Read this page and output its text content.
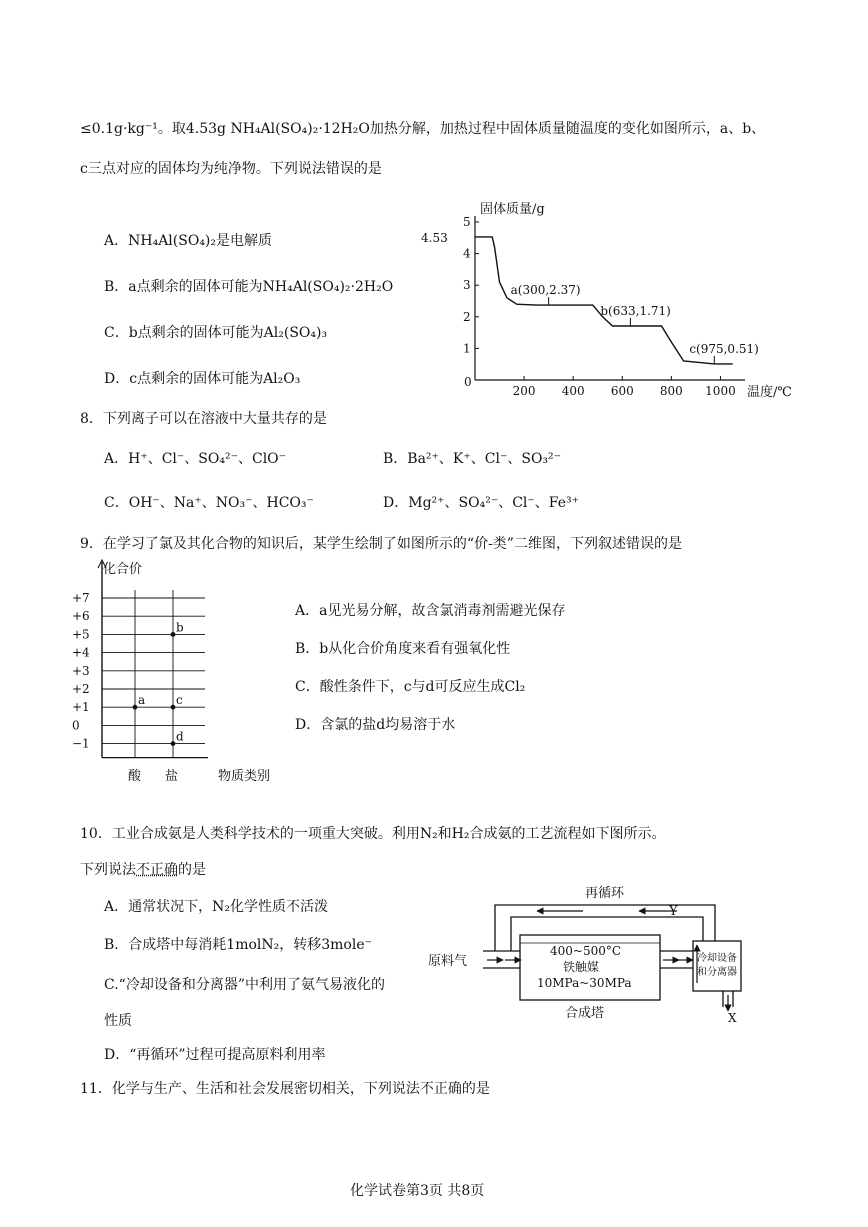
≤0.1g·kg⁻¹。取4.53g NH₄Al(SO₄)₂·12H₂O加热分解，加热过程中固体质量随温度的变化如图所示，a、b、
c三点对应的固体均为纯净物。下列说法错误的是
A．NH₄Al(SO₄)₂是电解质
B．a点剩余的固体可能为NH₄Al(SO₄)₂·2H₂O
C．b点剩余的固体可能为Al₂(SO₄)₃
D．c点剩余的固体可能为Al₂O₃
1
2
3
4
5
200 400 600 800 1000
a(300,2.37)
b(633,1.71)
c(975,0.51)
固体质量/g
温度/℃
0
4.53
8．下列离子可以在溶液中大量共存的是
A．H⁺、Cl⁻、SO₄²⁻、ClO⁻	B．Ba²⁺、K⁺、Cl⁻、SO₃²⁻
C．OH⁻、Na⁺、NO₃⁻、HCO₃⁻	D．Mg²⁺、SO₄²⁻、Cl⁻、Fe³⁺
9．在学习了氯及其化合物的知识后，某学生绘制了如图所示的“价-类”二维图，下列叙述错误的是
+7
+6
+5
+4
+3
+2
+1
0
−1
a
b
c
d
化合价
物质类别
酸 盐
A．a见光易分解，故含氯消毒剂需避光保存
B．b从化合价角度来看有强氧化性
C．酸性条件下，c与d可反应生成Cl₂
D．含氯的盐d均易溶于水
10．工业合成氨是人类科学技术的一项重大突破。利用N₂和H₂合成氨的工艺流程如下图所示。
下列说法不正确的是
A．通常状况下，N₂化学性质不活泼
B．合成塔中每消耗1molN₂，转移3mole⁻
C.“冷却设备和分离器”中利用了氨气易液化的
性质
D．“再循环”过程可提高原料利用率
再循环
Y
400~500°C
铁触媒
10MPa~30MPa
原料气
合成塔
冷却设备
和分离器
X
11．化学与生产、生活和社会发展密切相关，下列说法不正确的是
化学试卷第3页 共8页
